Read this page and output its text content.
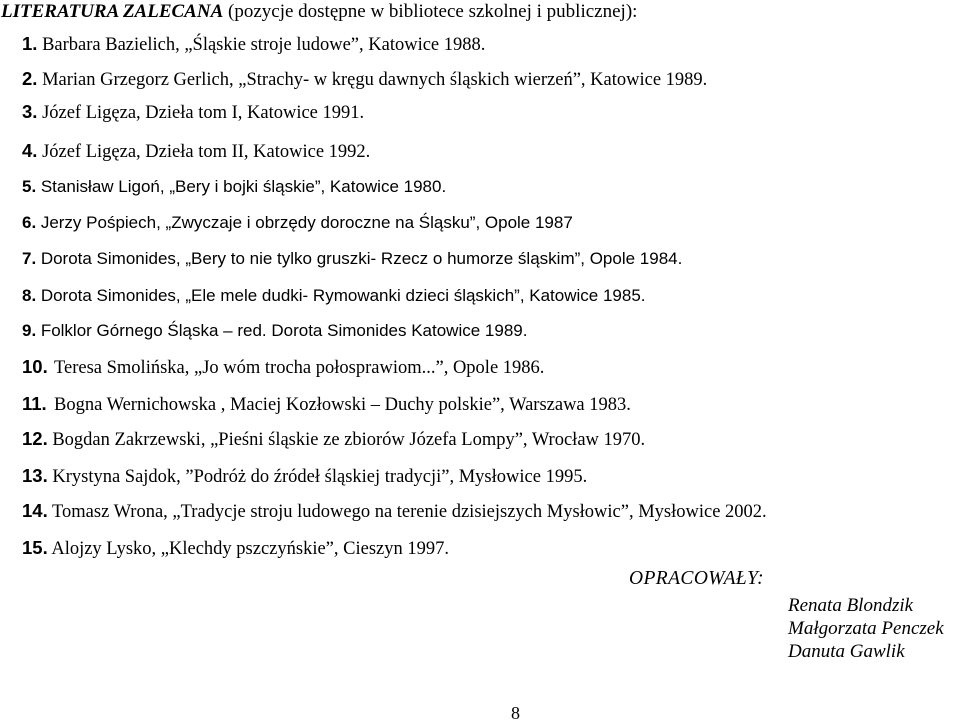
LITERATURA ZALECANA (pozycje dostępne w bibliotece szkolnej i publicznej):
1. Barbara Bazielich, „Śląskie stroje ludowe”, Katowice 1988.
2. Marian Grzegorz Gerlich, „Strachy- w kręgu dawnych śląskich wierzeń”, Katowice 1989.
3. Józef Ligęza, Dzieła tom I, Katowice 1991.
4. Józef Ligęza, Dzieła tom II, Katowice 1992.
5. Stanisław Ligoń, „Bery i bojki śląskie”, Katowice 1980.
6. Jerzy Pośpiech, „Zwyczaje i obrzędy doroczne na Śląsku”, Opole 1987
7. Dorota Simonides, „Bery to nie tylko gruszki- Rzecz o humorze śląskim”, Opole 1984.
8. Dorota Simonides, „Ele mele dudki- Rymowanki dzieci śląskich”, Katowice 1985.
9. Folklor Górnego Śląska – red. Dorota Simonides Katowice 1989.
10. Teresa Smolińska, „Jo wóm trocha połosprawiom...”, Opole 1986.
11. Bogna Wernichowska , Maciej Kozłowski – Duchy polskie”, Warszawa 1983.
12. Bogdan Zakrzewski, „Pieśni śląskie ze zbiorów Józefa Lompy”, Wrocław 1970.
13. Krystyna Sajdok, ”Podróż do źródeł śląskiej tradycji”, Mysłowice 1995.
14. Tomasz Wrona, „Tradycje stroju ludowego na terenie dzisiejszych Mysłowic”, Mysłowice 2002.
15. Alojzy Lysko, „Klechdy pszczyńskie”, Cieszyn 1997.
OPRACOWAŁY:
Renata Blondzik
Małgorzata Penczek
Danuta Gawlik
8
